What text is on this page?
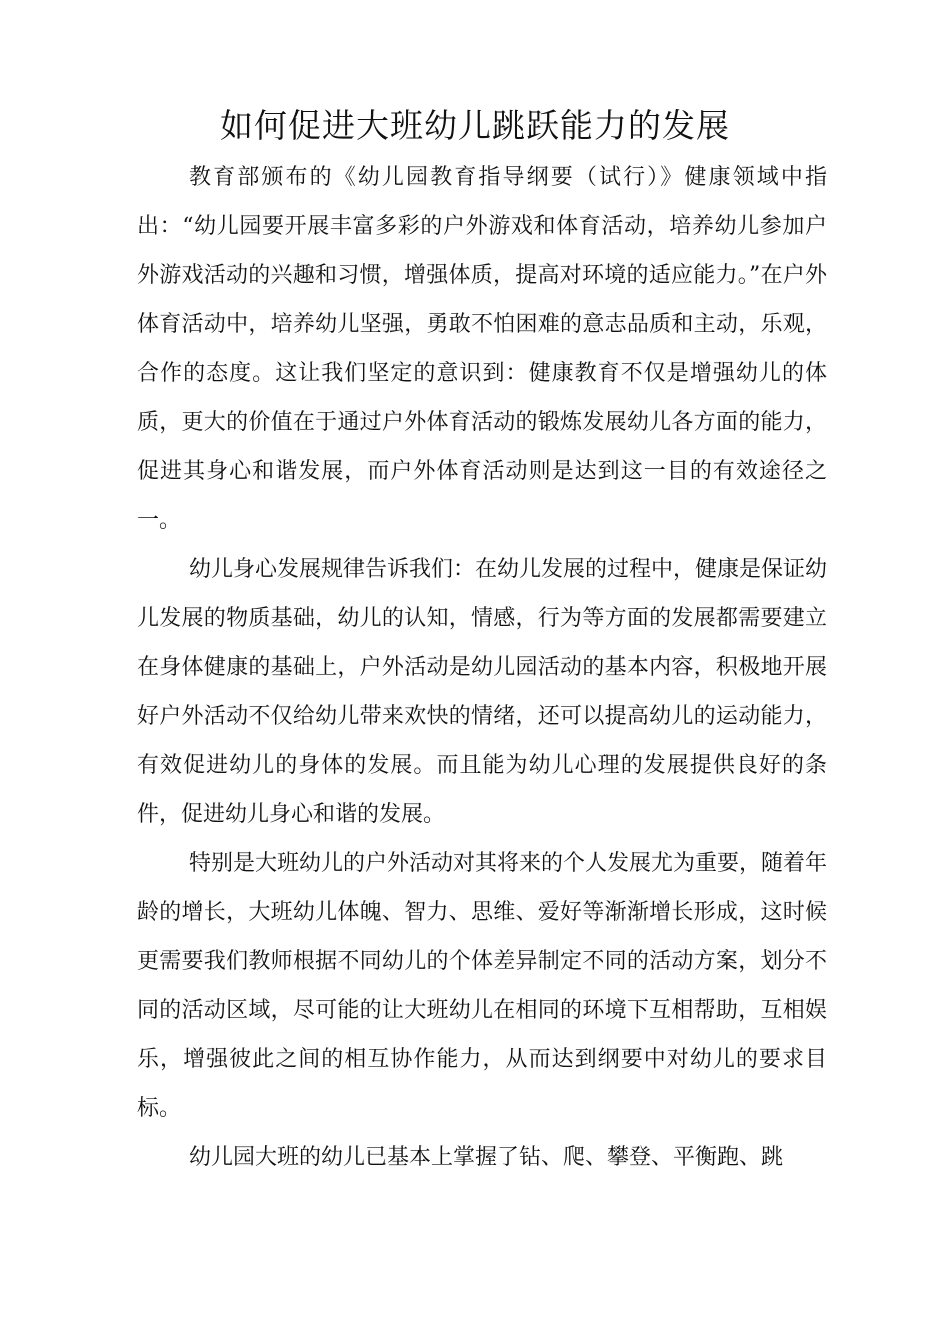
如何促进大班幼儿跳跃能力的发展

教育部颁布的《幼儿园教育指导纲要（试行）》健康领域中指出：“幼儿园要开展丰富多彩的户外游戏和体育活动，培养幼儿参加户外游戏活动的兴趣和习惯，增强体质，提高对环境的适应能力。”在户外体育活动中，培养幼儿坚强，勇敢不怕困难的意志品质和主动，乐观，合作的态度。这让我们坚定的意识到：健康教育不仅是增强幼儿的体质，更大的价值在于通过户外体育活动的锻炼发展幼儿各方面的能力，促进其身心和谐发展，而户外体育活动则是达到这一目的有效途径之一。

幼儿身心发展规律告诉我们：在幼儿发展的过程中，健康是保证幼儿发展的物质基础，幼儿的认知，情感，行为等方面的发展都需要建立在身体健康的基础上，户外活动是幼儿园活动的基本内容，积极地开展好户外活动不仅给幼儿带来欢快的情绪，还可以提高幼儿的运动能力，有效促进幼儿的身体的发展。而且能为幼儿心理的发展提供良好的条件，促进幼儿身心和谐的发展。

特别是大班幼儿的户外活动对其将来的个人发展尤为重要，随着年龄的增长，大班幼儿体魄、智力、思维、爱好等渐渐增长形成，这时候更需要我们教师根据不同幼儿的个体差异制定不同的活动方案，划分不同的活动区域，尽可能的让大班幼儿在相同的环境下互相帮助，互相娱乐，增强彼此之间的相互协作能力，从而达到纲要中对幼儿的要求目标。

幼儿园大班的幼儿已基本上掌握了钻、爬、攀登、平衡跑、跳
